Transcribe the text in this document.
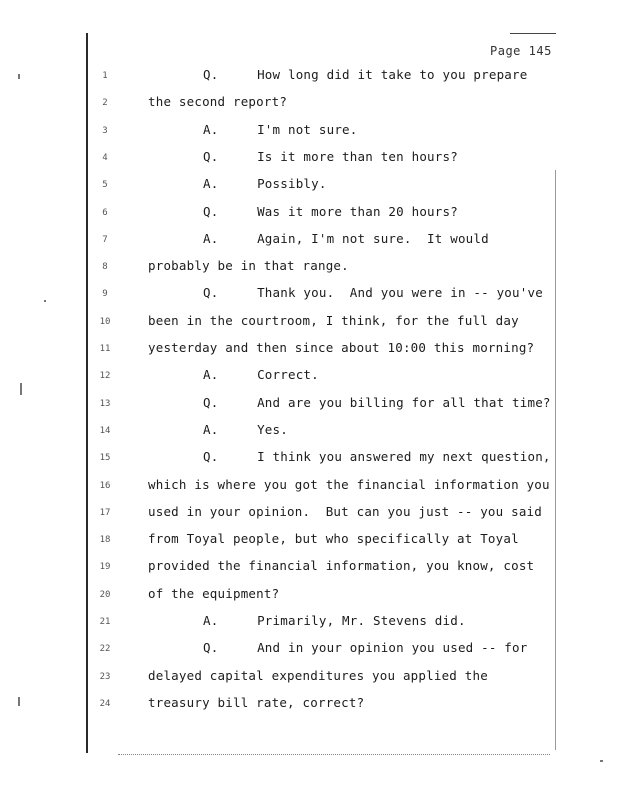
Page 145
1	Q.     How long did it take to you prepare
2	the second report?
3	A.     I'm not sure.
4	Q.     Is it more than ten hours?
5	A.     Possibly.
6	Q.     Was it more than 20 hours?
7	A.     Again, I'm not sure.  It would
8	probably be in that range.
9	Q.     Thank you.  And you were in -- you've
10	been in the courtroom, I think, for the full day
11	yesterday and then since about 10:00 this morning?
12	A.     Correct.
13	Q.     And are you billing for all that time?
14	A.     Yes.
15	Q.     I think you answered my next question,
16	which is where you got the financial information you
17	used in your opinion.  But can you just -- you said
18	from Toyal people, but who specifically at Toyal
19	provided the financial information, you know, cost
20	of the equipment?
21	A.     Primarily, Mr. Stevens did.
22	Q.     And in your opinion you used -- for
23	delayed capital expenditures you applied the
24	treasury bill rate, correct?
